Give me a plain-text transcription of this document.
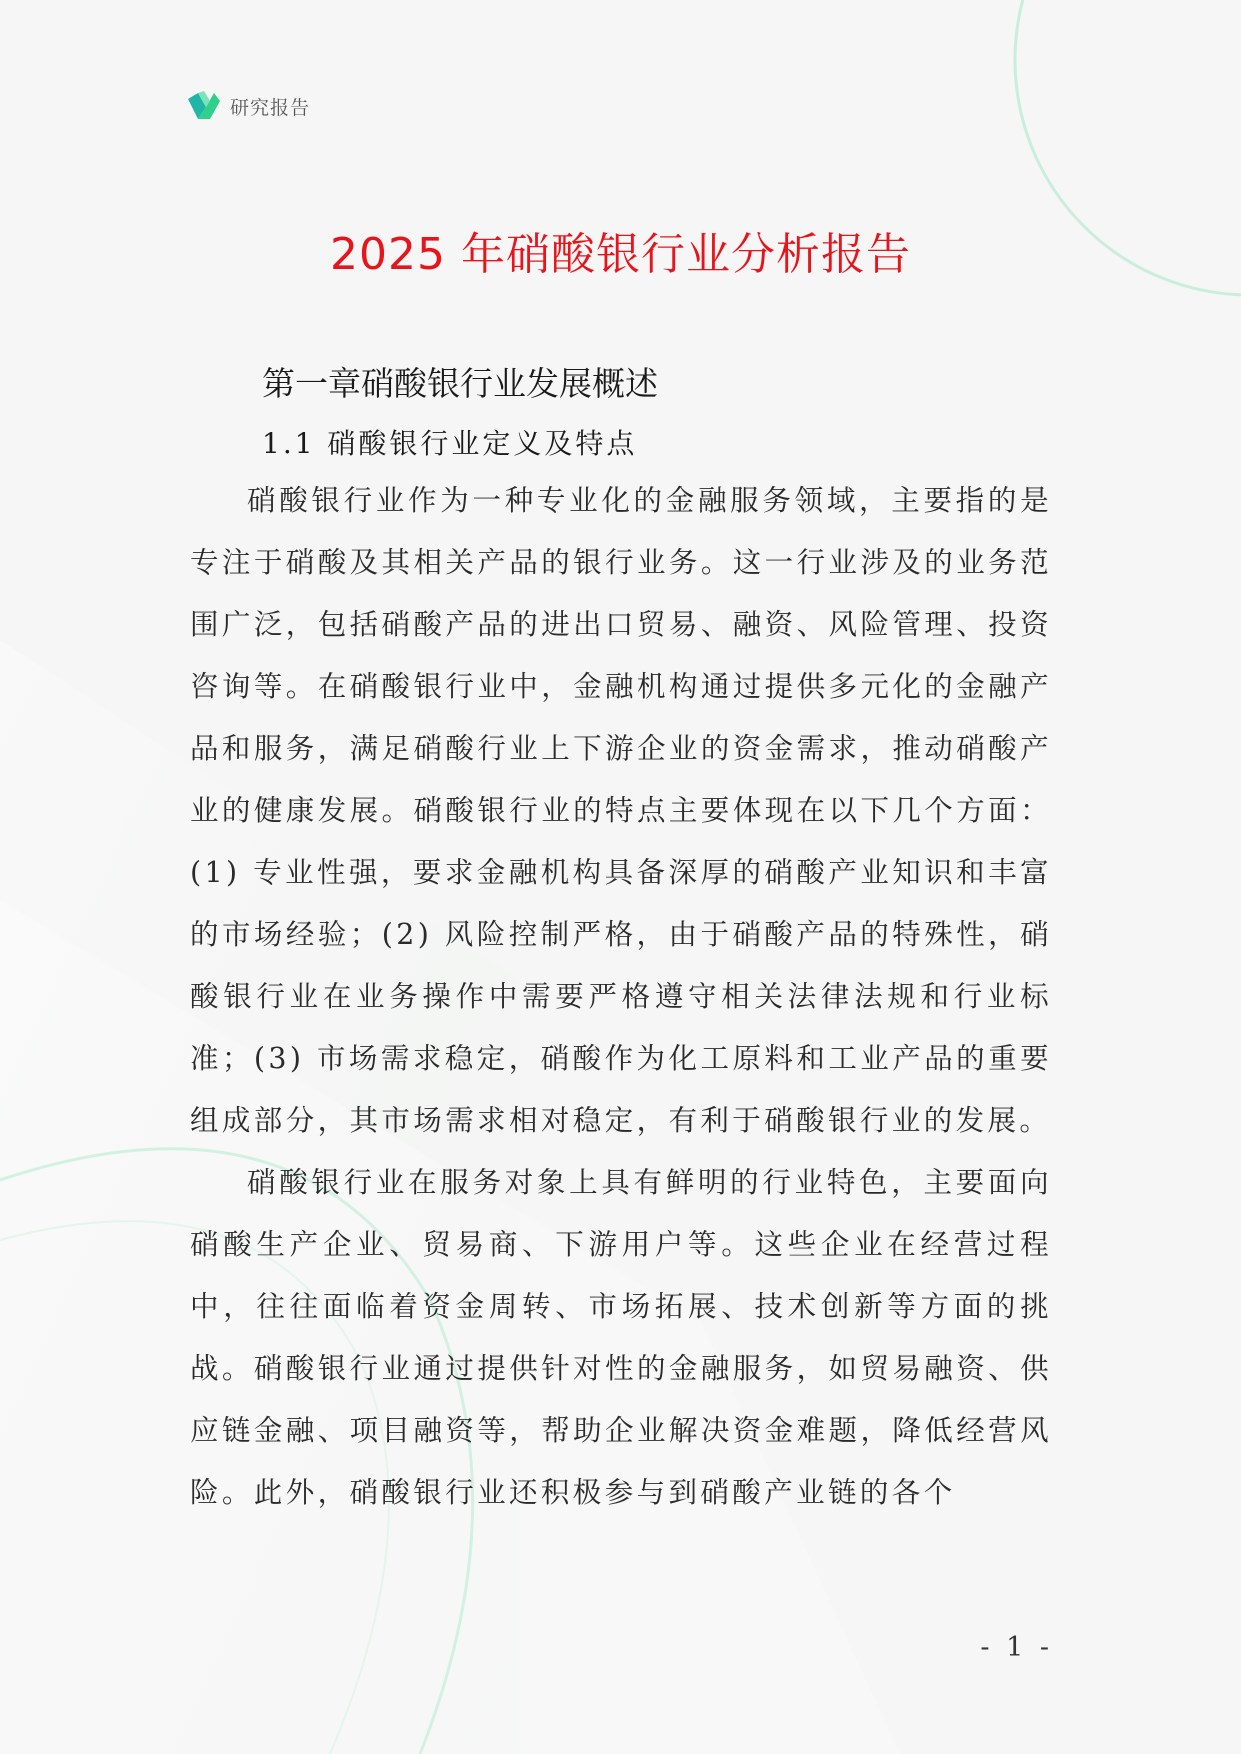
研究报告
2025 年硝酸银行业分析报告
第一章硝酸银行业发展概述
1.1 硝酸银行业定义及特点

硝酸银行业作为一种专业化的金融服务领域，主要指的是专注于硝酸及其相关产品的银行业务。这一行业涉及的业务范围广泛，包括硝酸产品的进出口贸易、融资、风险管理、投资咨询等。在硝酸银行业中，金融机构通过提供多元化的金融产品和服务，满足硝酸行业上下游企业的资金需求，推动硝酸产业的健康发展。硝酸银行业的特点主要体现在以下几个方面：(1) 专业性强，要求金融机构具备深厚的硝酸产业知识和丰富的市场经验；(2) 风险控制严格，由于硝酸产品的特殊性，硝酸银行业在业务操作中需要严格遵守相关法律法规和行业标准；(3) 市场需求稳定，硝酸作为化工原料和工业产品的重要组成部分，其市场需求相对稳定，有利于硝酸银行业的发展。

硝酸银行业在服务对象上具有鲜明的行业特色，主要面向硝酸生产企业、贸易商、下游用户等。这些企业在经营过程中，往往面临着资金周转、市场拓展、技术创新等方面的挑战。硝酸银行业通过提供针对性的金融服务，如贸易融资、供应链金融、项目融资等，帮助企业解决资金难题，降低经营风险。此外，硝酸银行业还积极参与到硝酸产业链的各个

- 1 -
